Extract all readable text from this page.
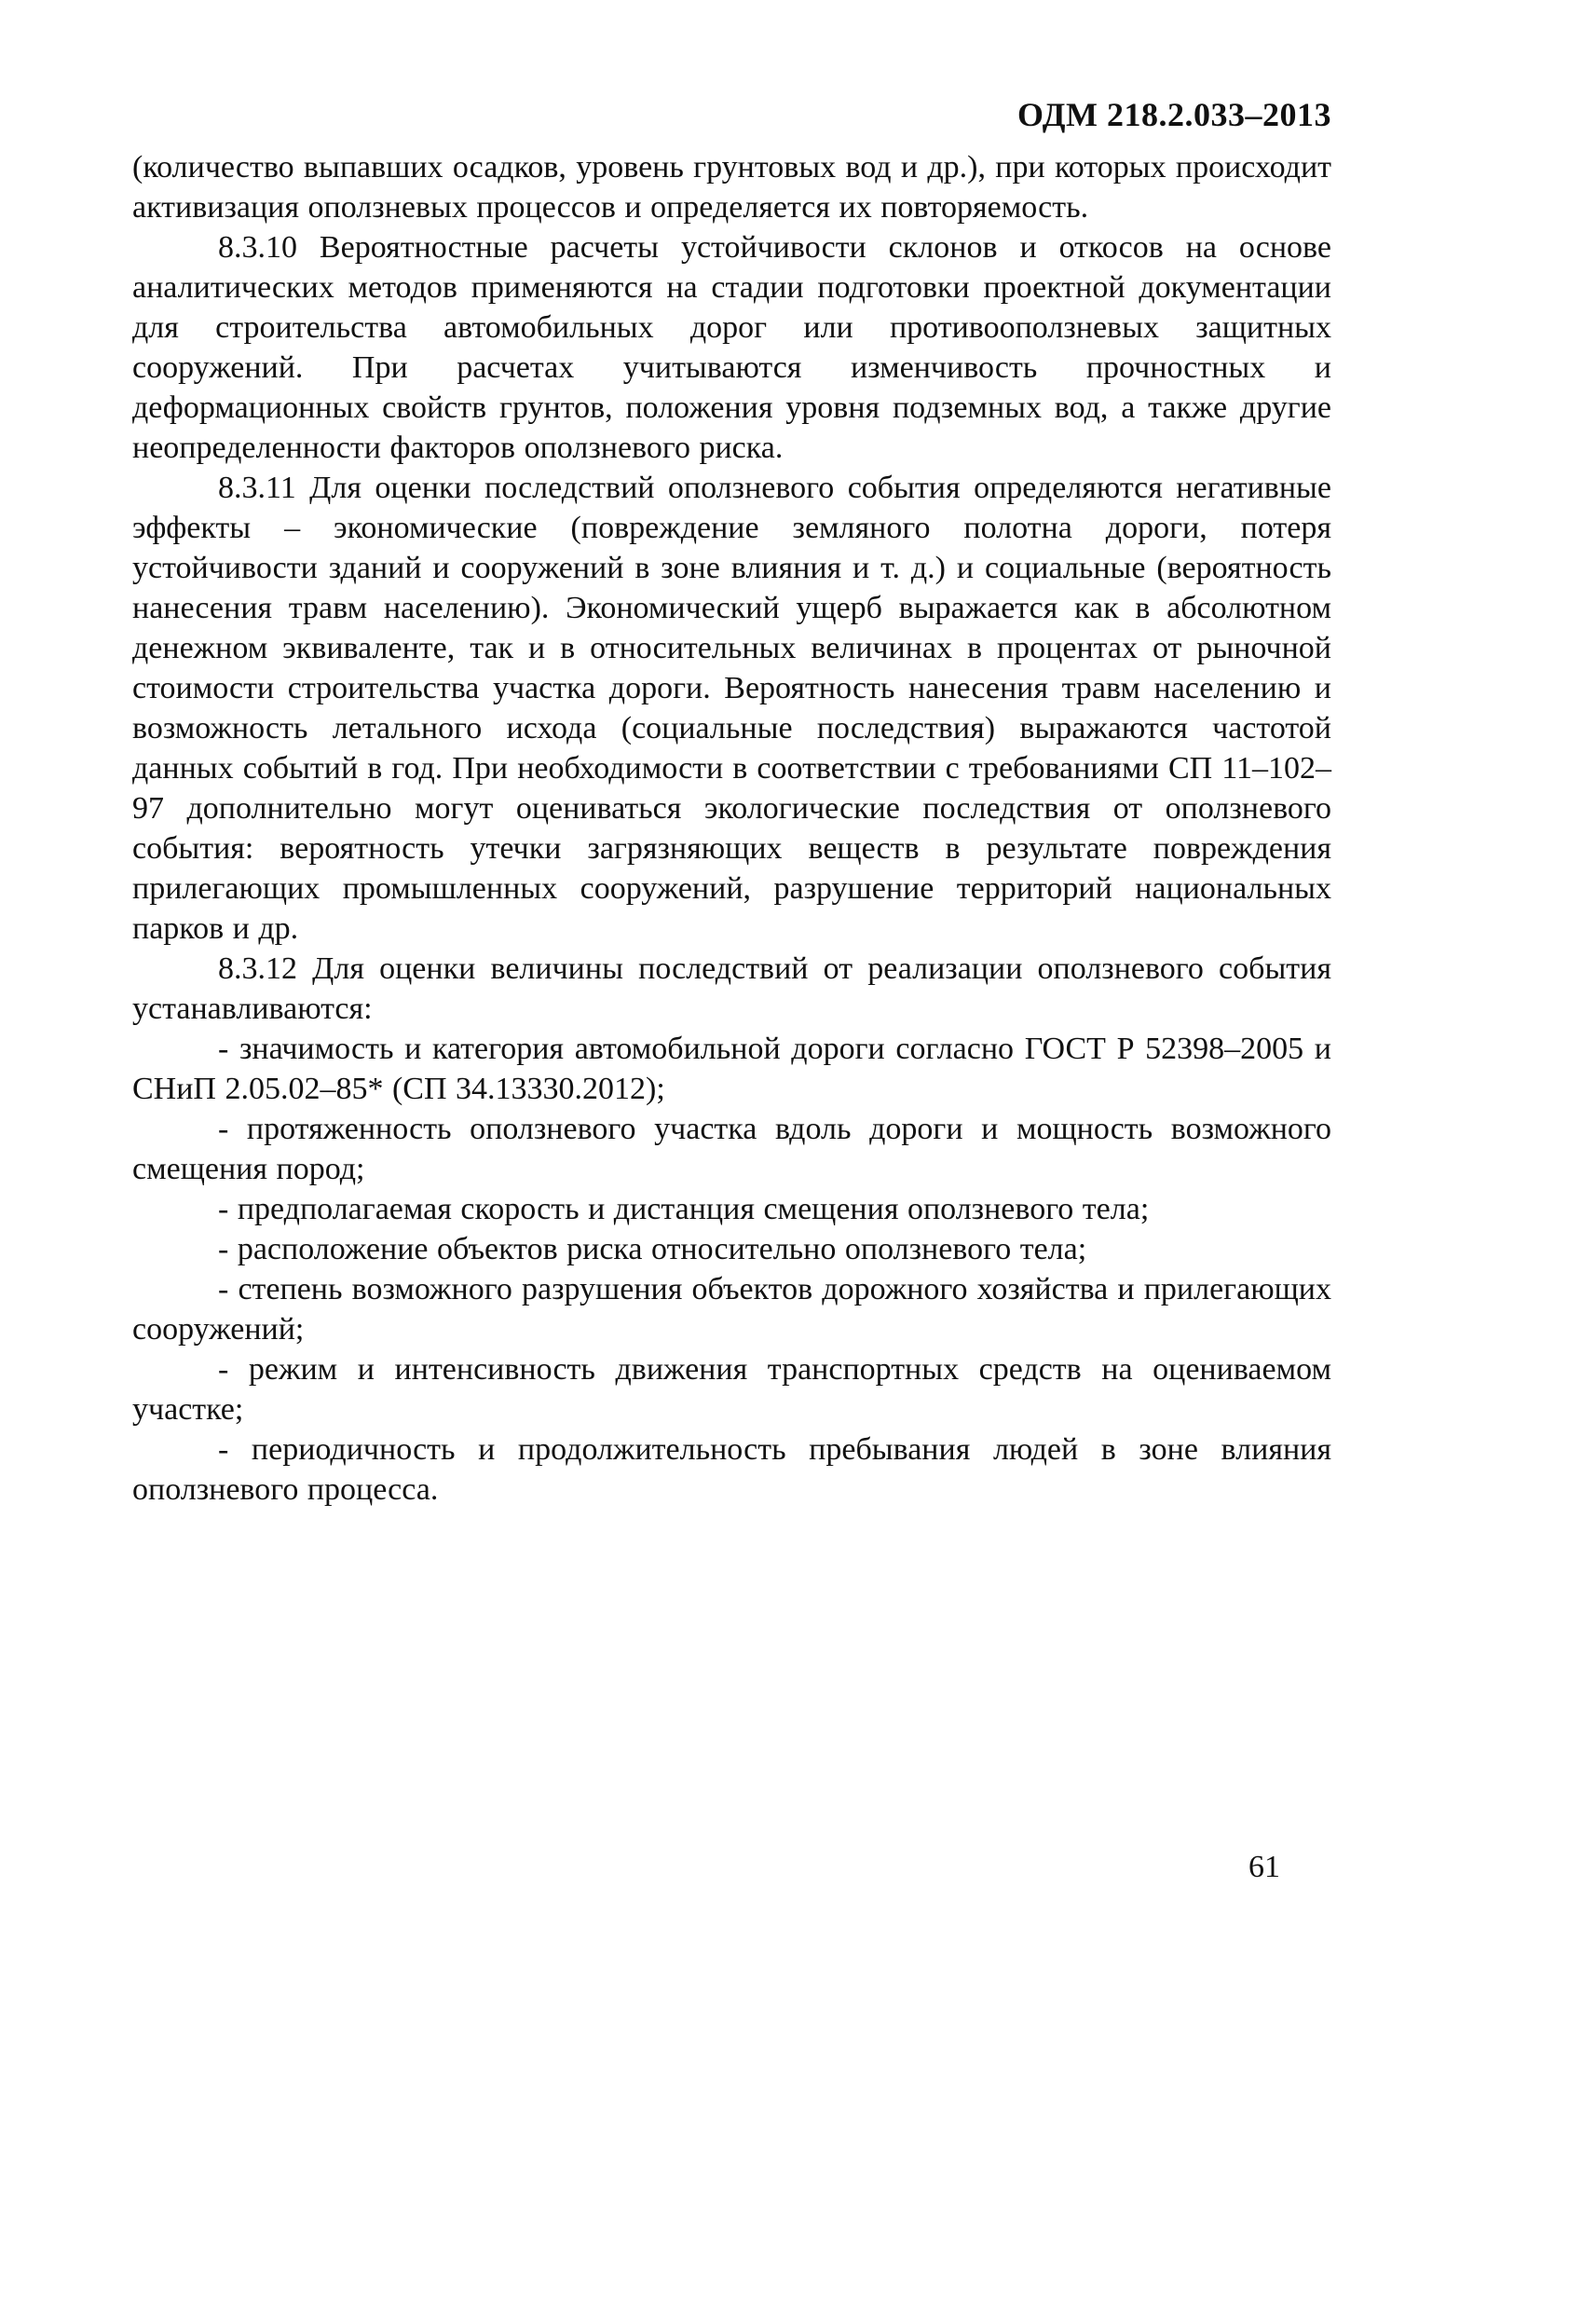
ОДМ 218.2.033–2013

(количество выпавших осадков, уровень грунтовых вод и др.), при которых происходит активизация оползневых процессов и определяется их повторяемость.

8.3.10 Вероятностные расчеты устойчивости склонов и откосов на основе аналитических методов применяются на стадии подготовки проектной документации для строительства автомобильных дорог или противооползневых защитных сооружений. При расчетах учитываются изменчивость прочностных и деформационных свойств грунтов, положения уровня подземных вод, а также другие неопределенности факторов оползневого риска.

8.3.11 Для оценки последствий оползневого события определяются негативные эффекты – экономические (повреждение земляного полотна дороги, потеря устойчивости зданий и сооружений в зоне влияния и т. д.) и социальные (вероятность нанесения травм населению). Экономический ущерб выражается как в абсолютном денежном эквиваленте, так и в относительных величинах в процентах от рыночной стоимости строительства участка дороги. Вероятность нанесения травм населению и возможность летального исхода (социальные последствия) выражаются частотой данных событий в год. При необходимости в соответствии с требованиями СП 11–102–97 дополнительно могут оцениваться экологические последствия от оползневого события: вероятность утечки загрязняющих веществ в результате повреждения прилегающих промышленных сооружений, разрушение территорий национальных парков и др.

8.3.12 Для оценки величины последствий от реализации оползневого события устанавливаются:

- значимость и категория автомобильной дороги согласно ГОСТ Р 52398–2005 и СНиП 2.05.02–85* (СП 34.13330.2012);

- протяженность оползневого участка вдоль дороги и мощность возможного смещения пород;

- предполагаемая скорость и дистанция смещения оползневого тела;

- расположение объектов риска относительно оползневого тела;

- степень возможного разрушения объектов дорожного хозяйства и прилегающих сооружений;

- режим и интенсивность движения транспортных средств на оцениваемом участке;

- периодичность и продолжительность пребывания людей в зоне влияния оползневого процесса.

61
